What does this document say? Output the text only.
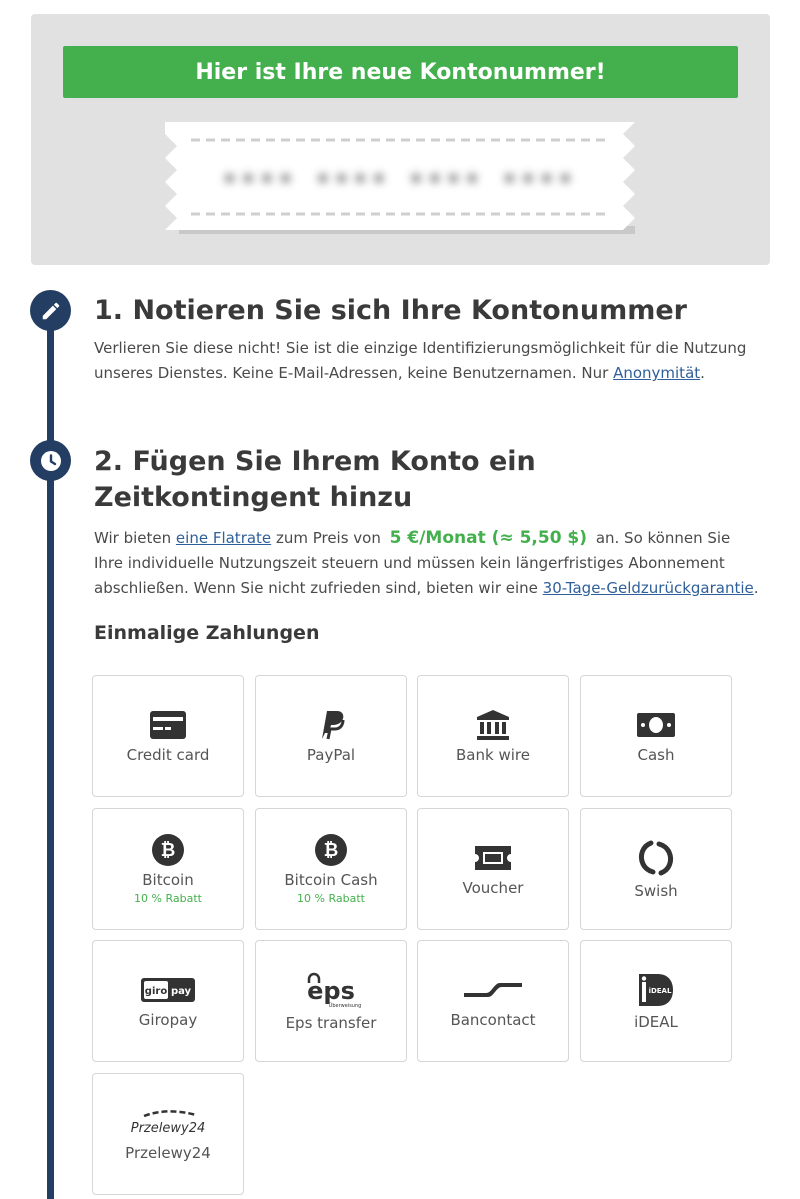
Hier ist Ihre neue Kontonummer!
•••• •••• •••• ••••
1. Notieren Sie sich Ihre Kontonummer

Verlieren Sie diese nicht! Sie ist die einzige Identifizierungsmöglichkeit für die Nutzung unseres Dienstes. Keine E-Mail-Adressen, keine Benutzernamen. Nur Anonymität.

2. Fügen Sie Ihrem Konto ein Zeitkontingent hinzu

Wir bieten eine Flatrate zum Preis von 5 €/Monat (≈ 5,50 $) an. So können Sie Ihre individuelle Nutzungszeit steuern und müssen kein längerfristiges Abonnement abschließen. Wenn Sie nicht zufrieden sind, bieten wir eine 30-Tage-Geldzurückgarantie.

Einmalige Zahlungen
Credit card	PayPal	Bank wire	Cash
₿
Bitcoin
10 % Rabatt
₿
Bitcoin Cash
10 % Rabatt
Voucher	Swish
giro pay
Giropay
eps
Überweisung
Eps transfer	Bancontact
iDEAL
iDEAL
Przelewy24
Przelewy24
